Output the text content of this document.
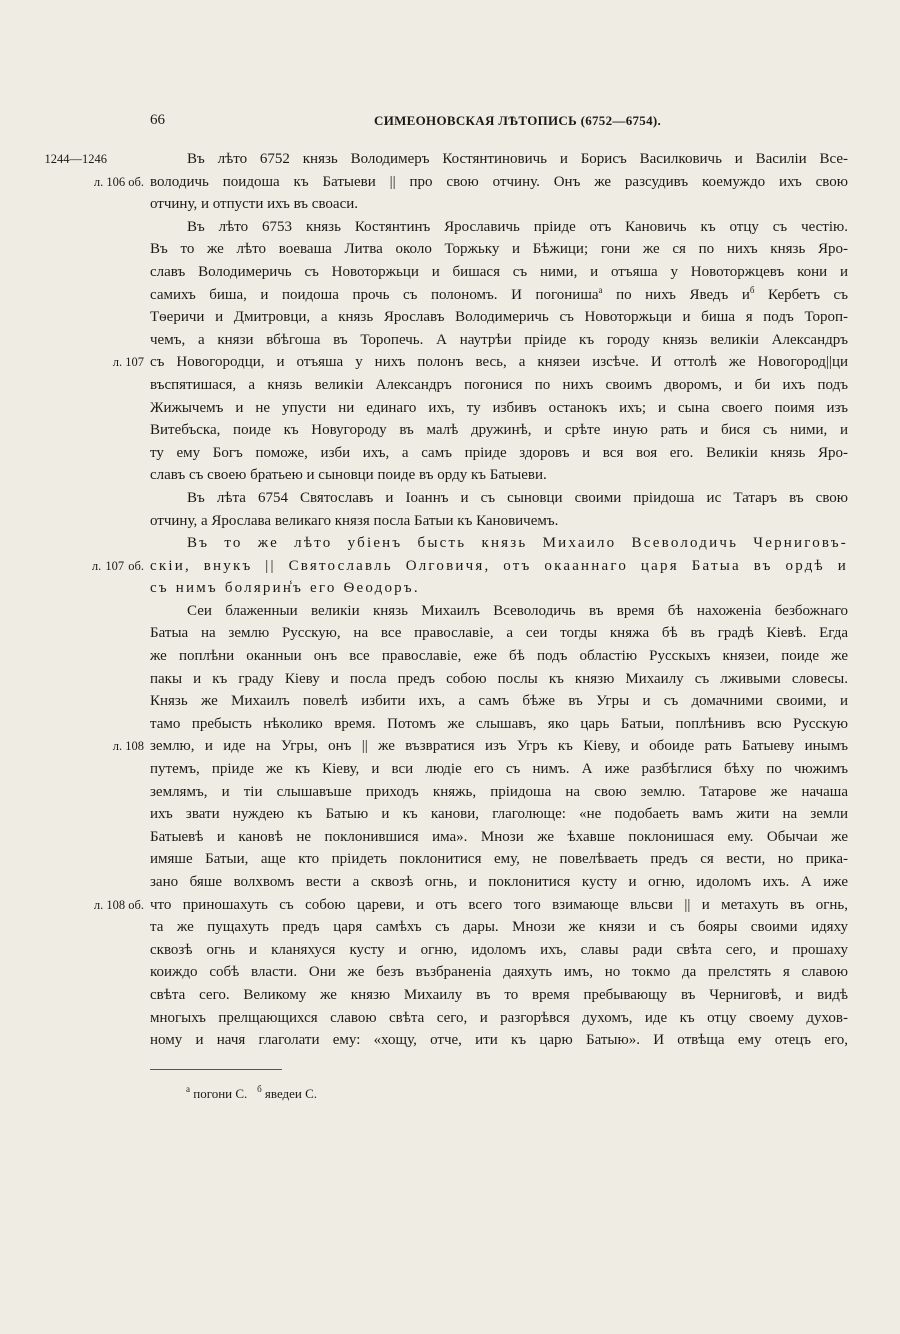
66	СИМЕОНОВСКАЯ ЛѢТОПИСЬ (6752—6754).
1244—1246	Въ лѣто 6752 князь Володимеръ Костянтиновичь и Борисъ Василковичь и Василіи Все-
л. 106 об. володичь поидоша къ Батыеви || про свою отчину. Онъ же разсудивъ коемуждо ихъ свою
отчину, и отпусти ихъ въ своаси.
Въ лѣто 6753 князь Костянтинъ Ярославичь пріиде отъ Кановичь къ отцу съ честію.
Въ то же лѣто воеваша Литва около Торжьку и Бѣжици; гони же ся по нихъ князь Яро-
славъ Володимеричь съ Новоторжьци и бишася съ ними, и отъяша у Новоторжцевъ кони и
самихъ биша, и поидоша прочь съ полономъ. И погониша$^а$ по нихъ Яведъ $и^б$ Кербетъ съ
Тѳеричи и Дмитровци, а князь Ярославъ Володимеричь съ Новоторжьци и биша я подъ Тороп-
чемъ, а князи вбѣгоша въ Торопечь. А наутрѣи пріиде къ городу князь великіи Александръ
л. 107 съ Новогородци, и отъяша у нихъ полонъ весь, а князеи изсѣче. И оттолѣ же Новогород||ци
въспятишася, а князь великіи Александръ погонися по нихъ своимъ дворомъ, и би ихъ подъ
Жижычемъ и не упусти ни единаго ихъ, ту избивъ останокъ ихъ; и сына своего поимя изъ
Витебъска, поиде къ Новугороду въ малѣ дружинѣ, и срѣте иную рать и бися съ ними, и
ту ему Богъ поможе, изби ихъ, а самъ пріиде здоровъ и вся воя его. Великіи князь Яро-
славъ съ своею братьею и сыновци поиде въ орду къ Батыеви.
Въ лѣта 6754 Святославъ и Іоаннъ и съ сыновци своими пріидоша ис Татаръ въ свою
отчину, а Ярослава великаго князя посла Батыи къ Кановичемъ.
Въ то же лѣто убіенъ бысть князь Михаило Всеволодичь Черниговъ-
л. 107 об. скіи, внукъ || Святославль Олговичя, отъ окааннаго царя Батыа въ ордѣ и
съ нимъ болярин̾ъ его Ѳеодоръ.
Сеи блаженныи великіи князь Михаилъ Всеволодичь въ время бѣ нахоженіа безбожнаго
Батыа на землю Русскую, на все православіе, а сеи тогды княжа бѣ въ градѣ Кіевѣ. Егда
же поплѣни оканныи онъ все православіе, еже бѣ подъ областію Русскыхъ князеи, поиде же
пакы и къ граду Кіеву и посла предъ собою послы къ князю Михаилу съ лживыми словесы.
Князь же Михаилъ повелѣ избити ихъ, а самъ бѣже въ Угры и съ домачними своими, и
тамо пребысть нѣколико время. Потомъ же слышавъ, яко царь Батыи, поплѣнивъ всю Русскую
л. 108 землю, и иде на Угры, онъ || же възвратися изъ Угръ къ Кіеву, и обоиде рать Батыеву инымъ
путемъ, пріиде же къ Кіеву, и вси людіе его съ нимъ. А иже разбѣглися бѣху по чюжимъ
землямъ, и тіи слышавъше приходъ княжь, пріидоша на свою землю. Татарове же начаша
ихъ звати нуждею къ Батыю и къ канови, глаголюще: «не подобаеть вамъ жити на земли
Батыевѣ и кановѣ не поклонившися има». Мнози же ѣхавше поклонишася ему. Обычаи же
имяше Батыи, аще кто пріидеть поклонитися ему, не повелѣваеть предъ ся вести, но прика-
зано бяше волхвомъ вести а сквозѣ огнь, и поклонитися кусту и огню, идоломъ ихъ. А иже
л. 108 об. что приношахуть съ собою цареви, и отъ всего того взимающе вльсви || и метахуть въ огнь,
та же пущахуть предъ царя самѣхъ съ дары. Мнози же князи и съ бояры своими идяху
сквозѣ огнь и кланяхуся кусту и огню, идоломъ ихъ, славы ради свѣта сего, и прошаху
коиждо собѣ власти. Они же безъ възбраненіа даяхуть имъ, но токмо да прелстять я славою
свѣта сего. Великому же князю Михаилу въ то время пребывающу въ Черниговѣ, и видѣ
многыхъ прелщающихся славою свѣта сего, и разгорѣвся духомъ, иде къ отцу своему духов-
ному и начя глаголати ему: «хощу, отче, ити къ царю Батыю». И отвѣща ему отецъ его,
$^а$ погони С. $^б$ яведеи С.
